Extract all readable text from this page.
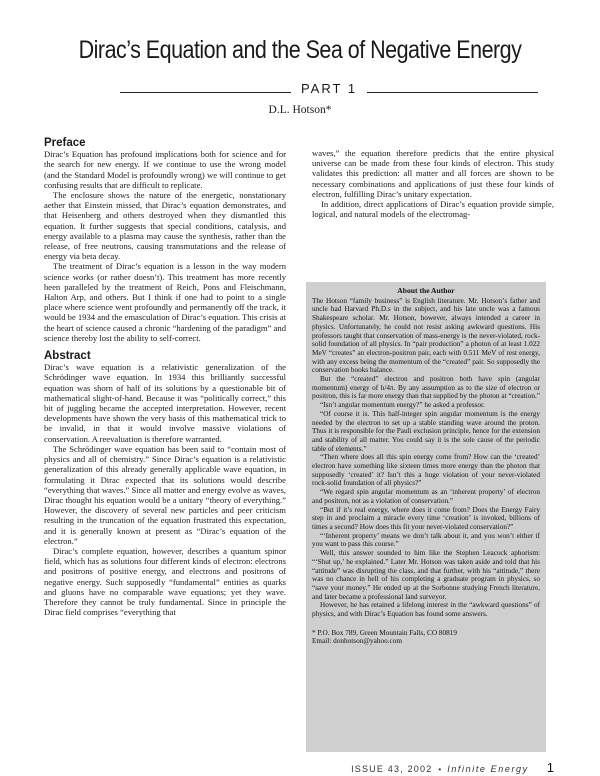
Dirac’s Equation and the Sea of Negative Energy
PART 1
D.L. Hotson*
Preface

Dirac’s Equation has profound implications both for science and for the search for new energy. If we continue to use the wrong model (and the Standard Model is profoundly wrong) we will continue to get confusing results that are difficult to replicate.

The enclosure shows the nature of the energetic, nonstationary aether that Einstein missed, that Dirac’s equation demonstrates, and that Heisenberg and others destroyed when they dismantled this equation. It further suggests that special conditions, catalysis, and energy available to a plasma may cause the synthesis, rather than the release, of free neutrons, causing transmutations and the release of energy via beta decay.

The treatment of Dirac’s equation is a lesson in the way modern science works (or rather doesn’t). This treatment has more recently been paralleled by the treatment of Reich, Pons and Fleischmann, Halton Arp, and others. But I think if one had to point to a single place where science went profoundly and permanently off the track, it would be 1934 and the emasculation of Dirac’s equation. This crisis at the heart of science caused a chronic “hardening of the paradigm” and science thereby lost the ability to self-correct.

Abstract

Dirac’s wave equation is a relativistic generalization of the Schrödinger wave equation. In 1934 this brilliantly successful equation was shorn of half of its solutions by a questionable bit of mathematical slight-of-hand. Because it was “politically correct,” this bit of juggling became the accepted interpretation. However, recent developments have shown the very basis of this mathematical trick to be invalid, in that it would involve massive violations of conservation. A reevaluation is therefore warranted.

The Schrödinger wave equation has been said to “contain most of physics and all of chemistry.” Since Dirac’s equation is a relativistic generalization of this already generally applicable wave equation, in formulating it Dirac expected that its solutions would describe “everything that waves.” Since all matter and energy evolve as waves, Dirac thought his equation would be a unitary “theory of everything.” However, the discovery of several new particles and peer criticism resulting in the truncation of the equation frustrated this expectation, and it is generally known at present as “Dirac’s equation of the electron.”

Dirac’s complete equation, however, describes a quantum spinor field, which has as solutions four different kinds of electron: electrons and positrons of positive energy, and electrons and positrons of negative energy. Such supposedly “fundamental” entities as quarks and gluons have no comparable wave equations; yet they wave. Therefore they cannot be truly fundamental. Since in principle the Dirac field comprises “everything that

waves,” the equation therefore predicts that the entire physical universe can be made from these four kinds of electron. This study validates this prediction: all matter and all forces are shown to be necessary combinations and applications of just these four kinds of electron, fulfilling Dirac’s unitary expectation.

In addition, direct applications of Dirac’s equation provide simple, logical, and natural models of the electromag-

About the Author

The Hotson “family business” is English literature. Mr. Hotson’s father and uncle had Harvard Ph.D.s in the subject, and his late uncle was a famous Shakespeare scholar. Mr. Hotson, however, always intended a career in physics. Unfortunately, he could not resist asking awkward questions. His professors taught that conservation of mass-energy is the never-violated, rock-solid foundation of all physics. In “pair production” a photon of at least 1.022 MeV “creates” an electron-positron pair, each with 0.511 MeV of rest energy, with any excess being the momentum of the “created” pair. So supposedly the conservation books balance.

But the “created” electron and positron both have spin (angular momentum) energy of h/4π. By any assumption as to the size of electron or positron, this is far more energy than that supplied by the photon at “creation.”

“Isn’t angular momentum energy?” he asked a professor.

“Of course it is. This half-integer spin angular momentum is the energy needed by the electron to set up a stable standing wave around the proton. Thus it is responsible for the Pauli exclusion principle, hence for the extension and stability of all matter. You could say it is the sole cause of the periodic table of elements.”

“Then where does all this spin energy come from? How can the ‘created’ electron have something like sixteen times more energy than the photon that supposedly ‘created’ it? Isn’t this a huge violation of your never-violated rock-solid foundation of all physics?”

“We regard spin angular momentum as an ‘inherent property’ of electron and positron, not as a violation of conservation.”

“But if it’s real energy, where does it come from? Does the Energy Fairy step in and proclaim a miracle every time ‘creation’ is invoked, billions of times a second? How does this fit your never-violated conservation?”

“‘Inherent property’ means we don’t talk about it, and you won’t either if you want to pass this course.”

Well, this answer sounded to him like the Stephen Leacock aphorism: “‘Shut up,’ he explained.” Later Mr. Hotson was taken aside and told that his “attitude” was disrupting the class, and that further, with his “attitude,” there was no chance in hell of his completing a graduate program in physics, so “save your money.” He ended up at the Sorbonne studying French literature, and later became a professional land surveyor.

However, he has retained a lifelong interest in the “awkward questions” of physics, and with Dirac’s Equation has found some answers.

* P.O. Box 789, Green Mountain Falls, CO 80819
Email: donhotson@yahoo.com
ISSUE 43, 2002 • Infinite Energy 1
